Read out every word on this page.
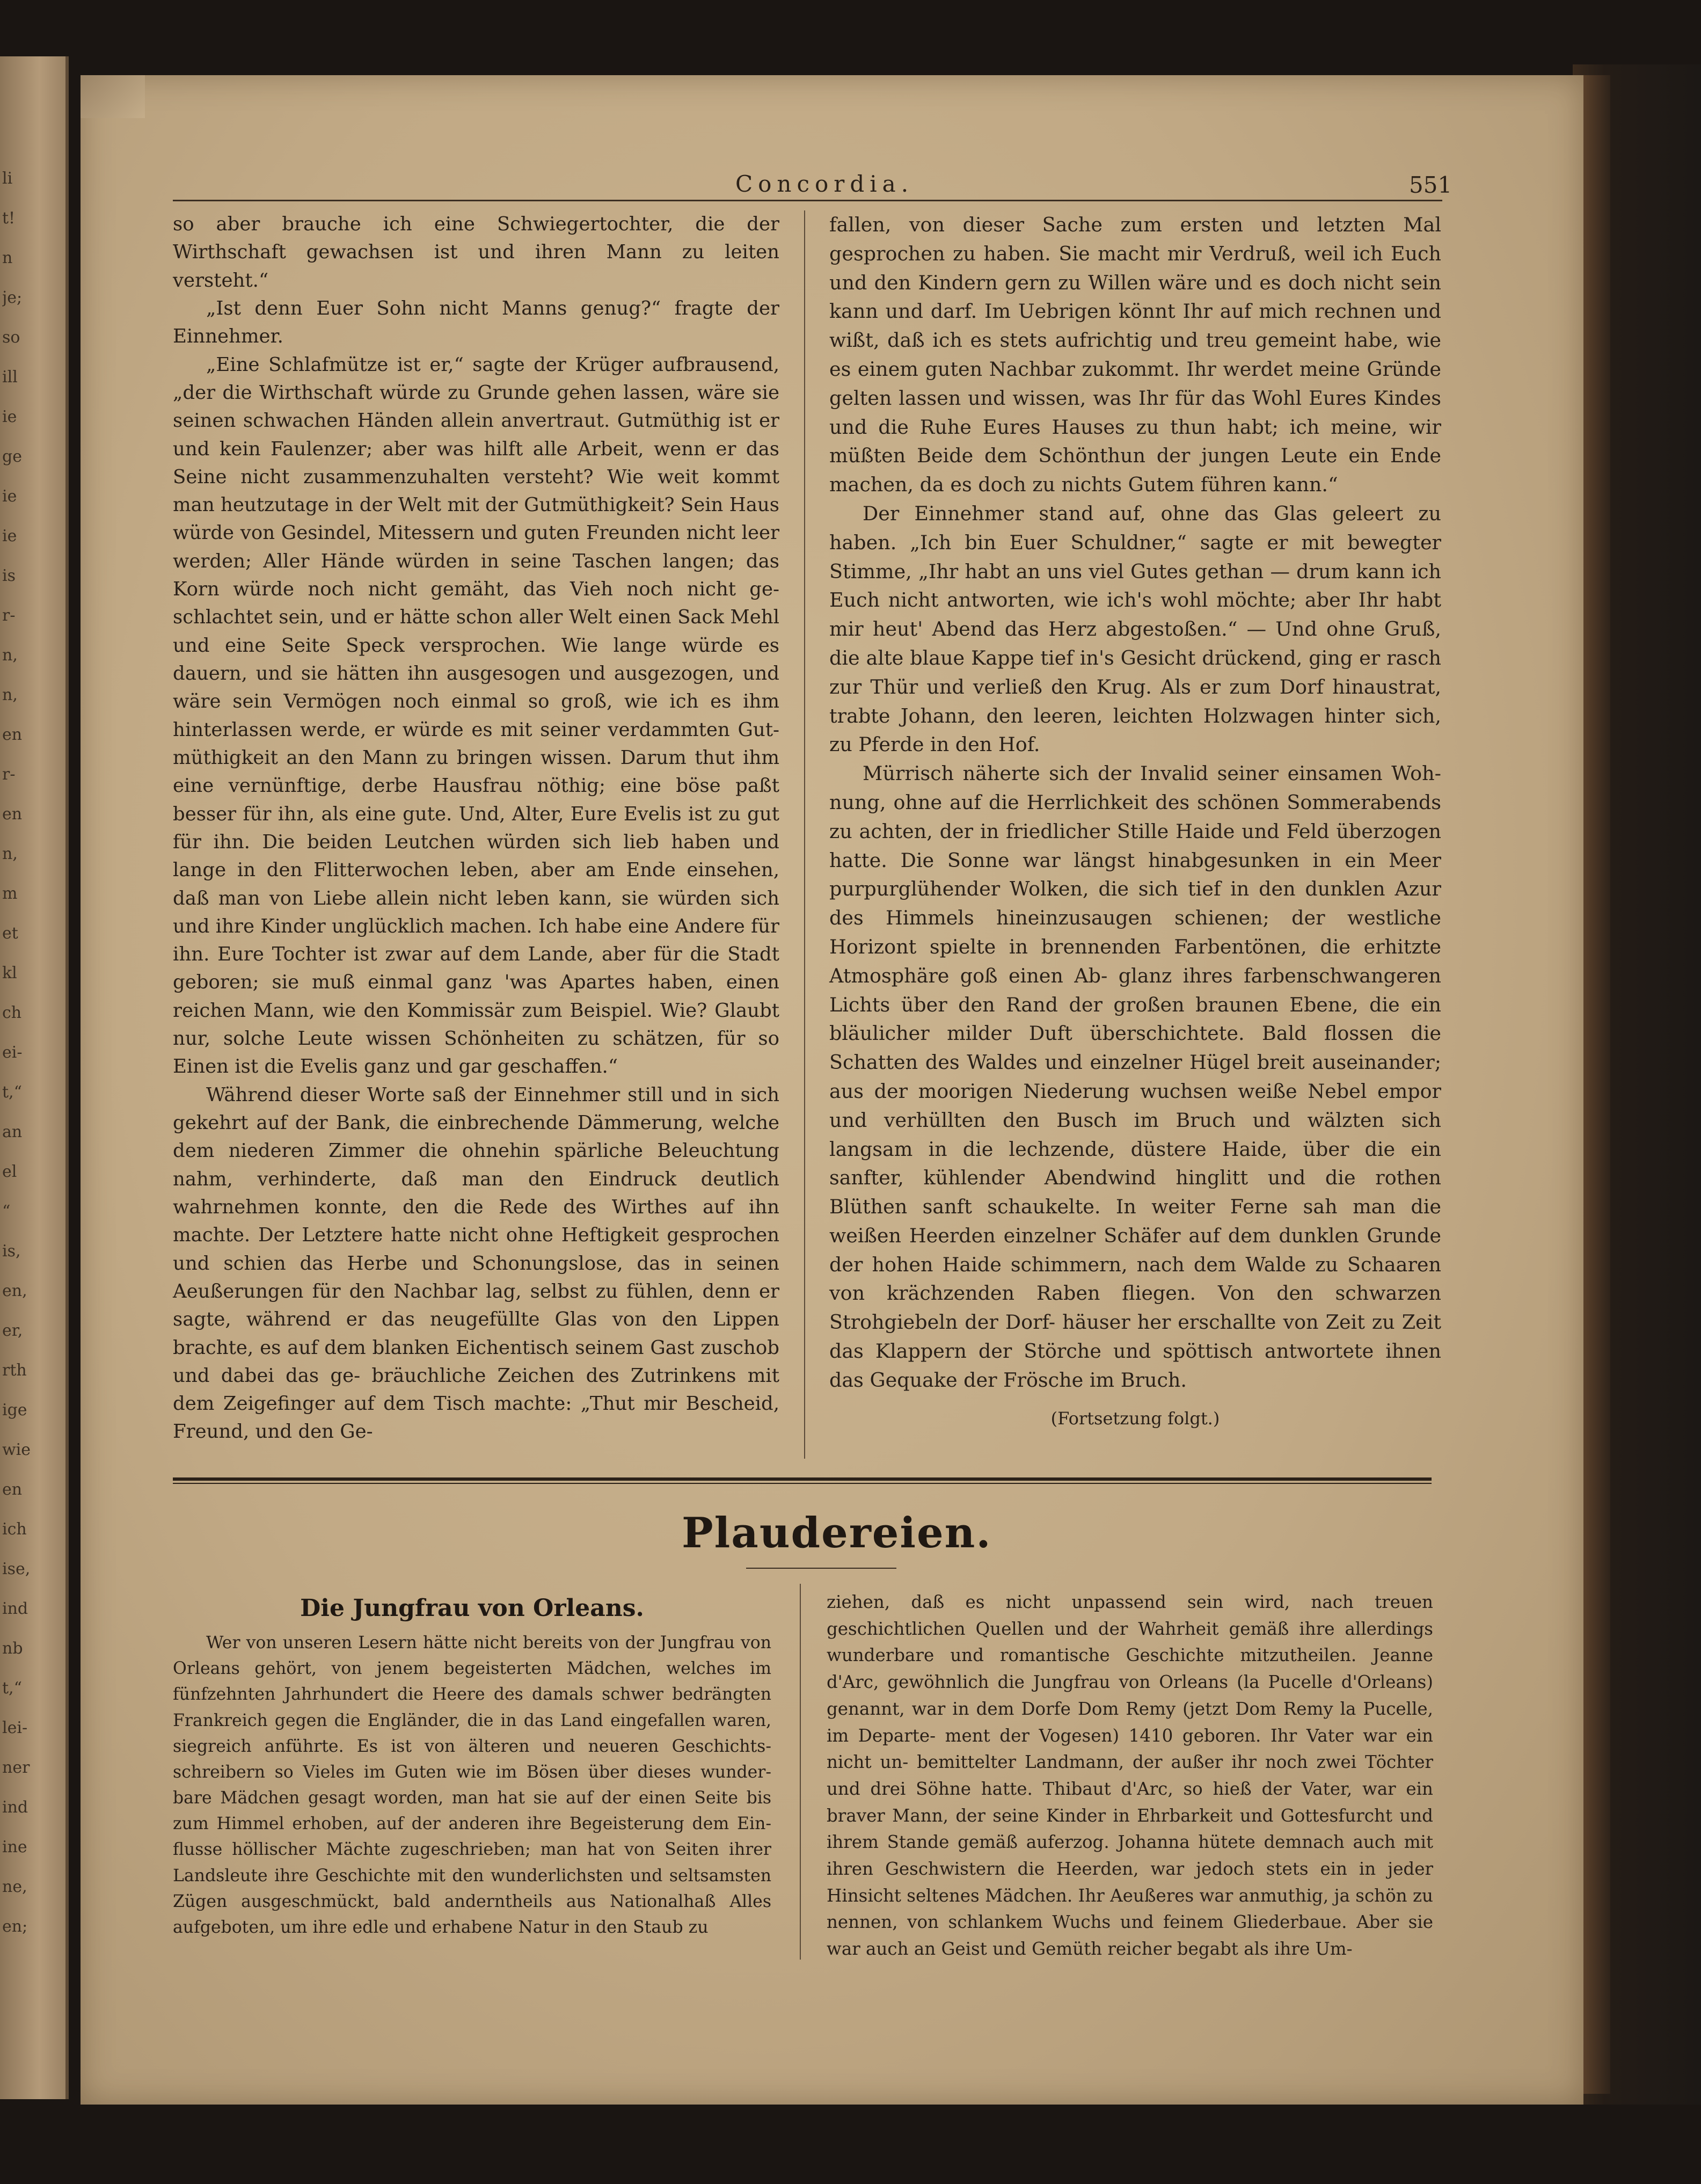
li
t!
n
je;
so
ill
ie
ge
ie
ie
is
r-
n,
n,
en
r-
en
n,
m
et
kl
ch
ei-
t,“
an
el
“
is,
en,
er,
rth
ige
wie
en
ich
ise,
ind
nb
t,“
lei-
ner
ind
ine
ne,
en;
Concordia.	551

so aber brauche ich eine Schwiegertochter, die der Wirthschaft gewachsen ist und ihren Mann zu leiten versteht.“

„Ist denn Euer Sohn nicht Manns genug?“ fragte der Einnehmer.

„Eine Schlafmütze ist er,“ sagte der Krüger aufbrausend, „der die Wirthschaft würde zu Grunde gehen lassen, wäre sie seinen schwachen Händen allein anvertraut. Gutmüthig ist er und kein Faulenzer; aber was hilft alle Arbeit, wenn er das Seine nicht zusammenzuhalten versteht? Wie weit kommt man heutzutage in der Welt mit der Gutmüthigkeit? Sein Haus würde von Gesindel, Mitessern und guten Freunden nicht leer werden; Aller Hände würden in seine Taschen langen; das Korn würde noch nicht gemäht, das Vieh noch nicht ge- schlachtet sein, und er hätte schon aller Welt einen Sack Mehl und eine Seite Speck versprochen. Wie lange würde es dauern, und sie hätten ihn ausgesogen und ausgezogen, und wäre sein Vermögen noch einmal so groß, wie ich es ihm hinterlassen werde, er würde es mit seiner verdammten Gut- müthigkeit an den Mann zu bringen wissen. Darum thut ihm eine vernünftige, derbe Hausfrau nöthig; eine böse paßt besser für ihn, als eine gute. Und, Alter, Eure Evelis ist zu gut für ihn. Die beiden Leutchen würden sich lieb haben und lange in den Flitterwochen leben, aber am Ende einsehen, daß man von Liebe allein nicht leben kann, sie würden sich und ihre Kinder unglücklich machen. Ich habe eine Andere für ihn. Eure Tochter ist zwar auf dem Lande, aber für die Stadt geboren; sie muß einmal ganz 'was Apartes haben, einen reichen Mann, wie den Kommissär zum Beispiel. Wie? Glaubt nur, solche Leute wissen Schönheiten zu schätzen, für so Einen ist die Evelis ganz und gar geschaffen.“

Während dieser Worte saß der Einnehmer still und in sich gekehrt auf der Bank, die einbrechende Dämmerung, welche dem niederen Zimmer die ohnehin spärliche Beleuchtung nahm, verhinderte, daß man den Eindruck deutlich wahrnehmen konnte, den die Rede des Wirthes auf ihn machte. Der Letztere hatte nicht ohne Heftigkeit gesprochen und schien das Herbe und Schonungslose, das in seinen Aeußerungen für den Nachbar lag, selbst zu fühlen, denn er sagte, während er das neugefüllte Glas von den Lippen brachte, es auf dem blanken Eichentisch seinem Gast zuschob und dabei das ge- bräuchliche Zeichen des Zutrinkens mit dem Zeigefinger auf dem Tisch machte: „Thut mir Bescheid, Freund, und den Ge-

fallen, von dieser Sache zum ersten und letzten Mal gesprochen zu haben. Sie macht mir Verdruß, weil ich Euch und den Kindern gern zu Willen wäre und es doch nicht sein kann und darf. Im Uebrigen könnt Ihr auf mich rechnen und wißt, daß ich es stets aufrichtig und treu gemeint habe, wie es einem guten Nachbar zukommt. Ihr werdet meine Gründe gelten lassen und wissen, was Ihr für das Wohl Eures Kindes und die Ruhe Eures Hauses zu thun habt; ich meine, wir müßten Beide dem Schönthun der jungen Leute ein Ende machen, da es doch zu nichts Gutem führen kann.“

Der Einnehmer stand auf, ohne das Glas geleert zu haben. „Ich bin Euer Schuldner,“ sagte er mit bewegter Stimme, „Ihr habt an uns viel Gutes gethan — drum kann ich Euch nicht antworten, wie ich's wohl möchte; aber Ihr habt mir heut' Abend das Herz abgestoßen.“ — Und ohne Gruß, die alte blaue Kappe tief in's Gesicht drückend, ging er rasch zur Thür und verließ den Krug. Als er zum Dorf hinaustrat, trabte Johann, den leeren, leichten Holzwagen hinter sich, zu Pferde in den Hof.

Mürrisch näherte sich der Invalid seiner einsamen Woh- nung, ohne auf die Herrlichkeit des schönen Sommerabends zu achten, der in friedlicher Stille Haide und Feld überzogen hatte. Die Sonne war längst hinabgesunken in ein Meer purpurglühender Wolken, die sich tief in den dunklen Azur des Himmels hineinzusaugen schienen; der westliche Horizont spielte in brennenden Farbentönen, die erhitzte Atmosphäre goß einen Ab- glanz ihres farbenschwangeren Lichts über den Rand der großen braunen Ebene, die ein bläulicher milder Duft überschichtete. Bald flossen die Schatten des Waldes und einzelner Hügel breit auseinander; aus der moorigen Niederung wuchsen weiße Nebel empor und verhüllten den Busch im Bruch und wälzten sich langsam in die lechzende, düstere Haide, über die ein sanfter, kühlender Abendwind hinglitt und die rothen Blüthen sanft schaukelte. In weiter Ferne sah man die weißen Heerden einzelner Schäfer auf dem dunklen Grunde der hohen Haide schimmern, nach dem Walde zu Schaaren von krächzenden Raben fliegen. Von den schwarzen Strohgiebeln der Dorf- häuser her erschallte von Zeit zu Zeit das Klappern der Störche und spöttisch antwortete ihnen das Gequake der Frösche im Bruch.

(Fortsetzung folgt.)
Plaudereien.
Die Jungfrau von Orleans.

Wer von unseren Lesern hätte nicht bereits von der Jungfrau von Orleans gehört, von jenem begeisterten Mädchen, welches im fünfzehnten Jahrhundert die Heere des damals schwer bedrängten Frankreich gegen die Engländer, die in das Land eingefallen waren, siegreich anführte. Es ist von älteren und neueren Geschichts- schreibern so Vieles im Guten wie im Bösen über dieses wunder- bare Mädchen gesagt worden, man hat sie auf der einen Seite bis zum Himmel erhoben, auf der anderen ihre Begeisterung dem Ein- flusse höllischer Mächte zugeschrieben; man hat von Seiten ihrer Landsleute ihre Geschichte mit den wunderlichsten und seltsamsten Zügen ausgeschmückt, bald anderntheils aus Nationalhaß Alles aufgeboten, um ihre edle und erhabene Natur in den Staub zu

ziehen, daß es nicht unpassend sein wird, nach treuen geschichtlichen Quellen und der Wahrheit gemäß ihre allerdings wunderbare und romantische Geschichte mitzutheilen. Jeanne d'Arc, gewöhnlich die Jungfrau von Orleans (la Pucelle d'Orleans) genannt, war in dem Dorfe Dom Remy (jetzt Dom Remy la Pucelle, im Departe- ment der Vogesen) 1410 geboren. Ihr Vater war ein nicht un- bemittelter Landmann, der außer ihr noch zwei Töchter und drei Söhne hatte. Thibaut d'Arc, so hieß der Vater, war ein braver Mann, der seine Kinder in Ehrbarkeit und Gottesfurcht und ihrem Stande gemäß auferzog. Johanna hütete demnach auch mit ihren Geschwistern die Heerden, war jedoch stets ein in jeder Hinsicht seltenes Mädchen. Ihr Aeußeres war anmuthig, ja schön zu nennen, von schlankem Wuchs und feinem Gliederbaue. Aber sie war auch an Geist und Gemüth reicher begabt als ihre Um-
